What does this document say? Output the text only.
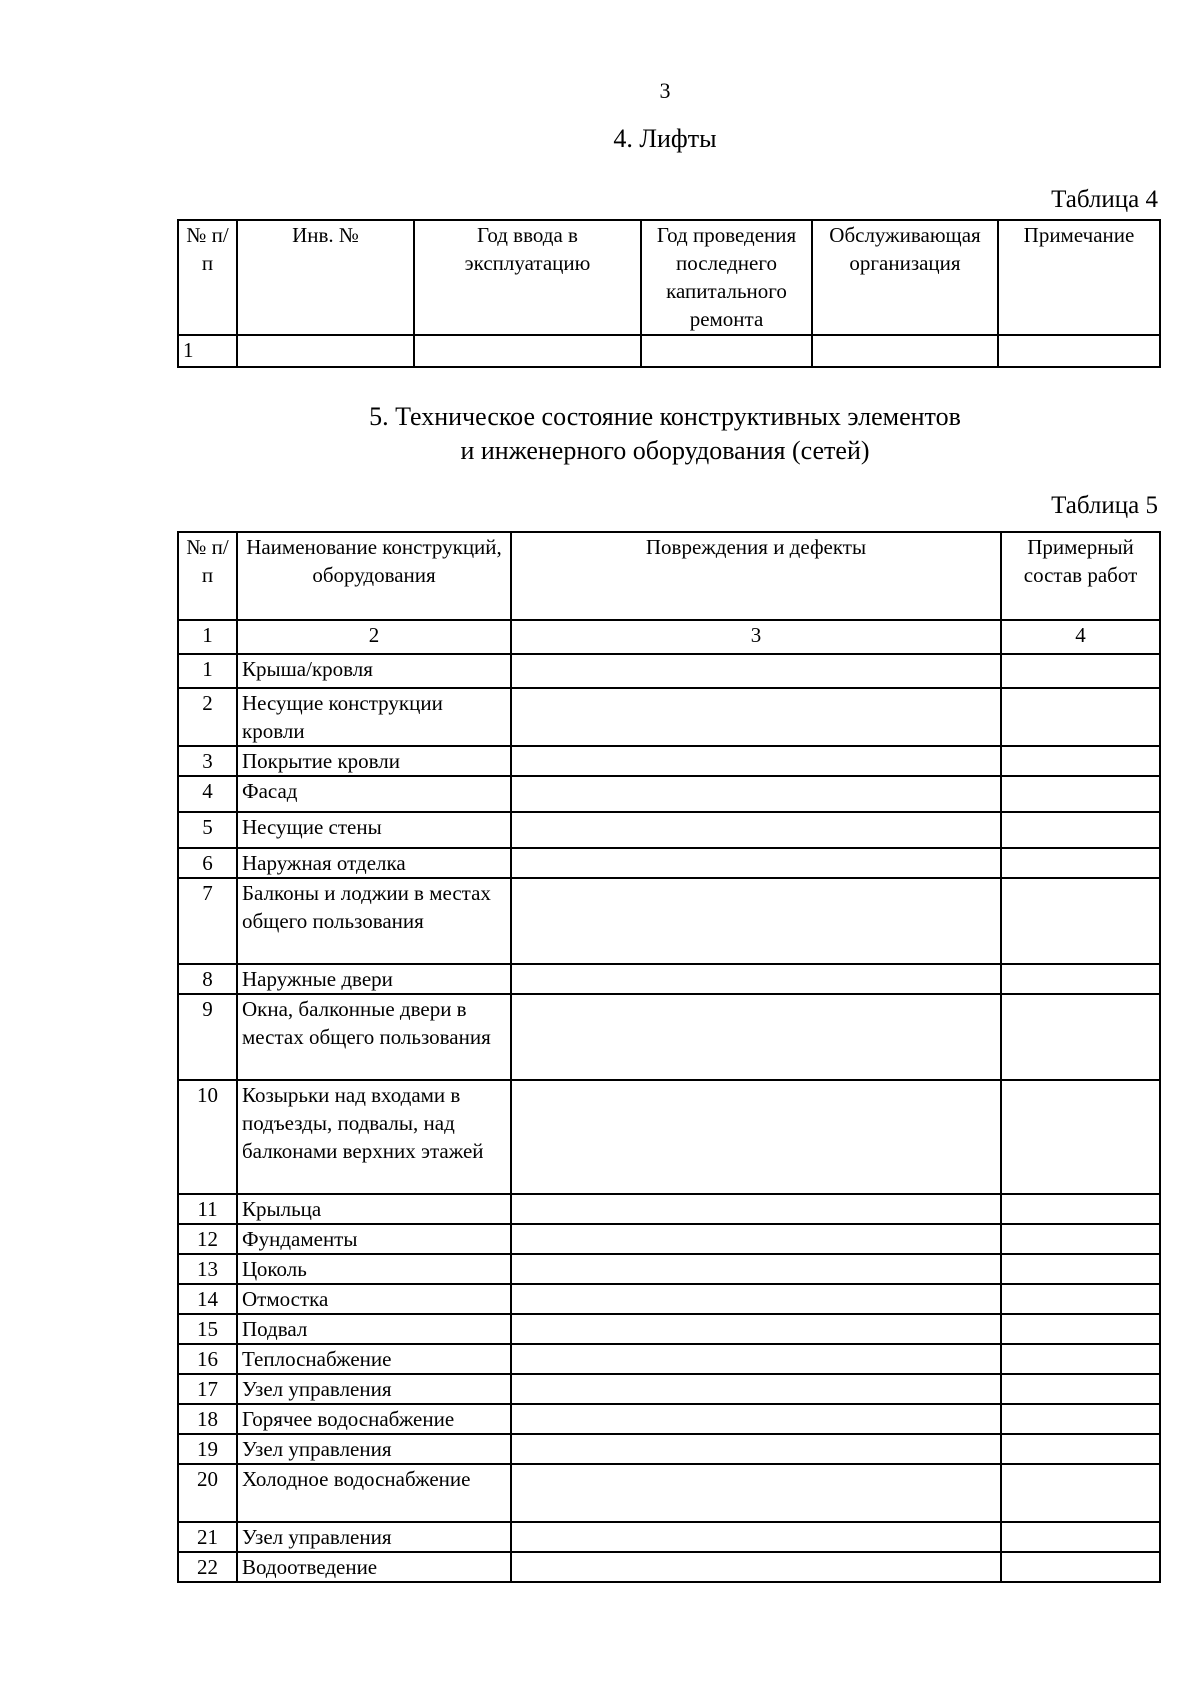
3
4. Лифты
Таблица 4
№ п/п	Инв. №	Год ввода в эксплуатацию	Год проведения последнего капитального ремонта	Обслуживающая организация	Примечание
1					
5. Техническое состояние конструктивных элементов
и инженерного оборудования (сетей)
Таблица 5
№ п/п	Наименование конструкций, оборудования	Повреждения и дефекты	Примерный состав работ
1	2	3	4
1	Крыша/кровля		
2	Несущие конструкции кровли		
3	Покрытие кровли		
4	Фасад		
5	Несущие стены		
6	Наружная отделка		
7	Балконы и лоджии в местах общего пользования		
8	Наружные двери		
9	Окна, балконные двери в местах общего пользования		
10	Козырьки над входами в подъезды, подвалы, над балконами верхних этажей		
11	Крыльца		
12	Фундаменты		
13	Цоколь		
14	Отмостка		
15	Подвал		
16	Теплоснабжение		
17	Узел управления		
18	Горячее водоснабжение		
19	Узел управления		
20	Холодное водоснабжение		
21	Узел управления		
22	Водоотведение		
